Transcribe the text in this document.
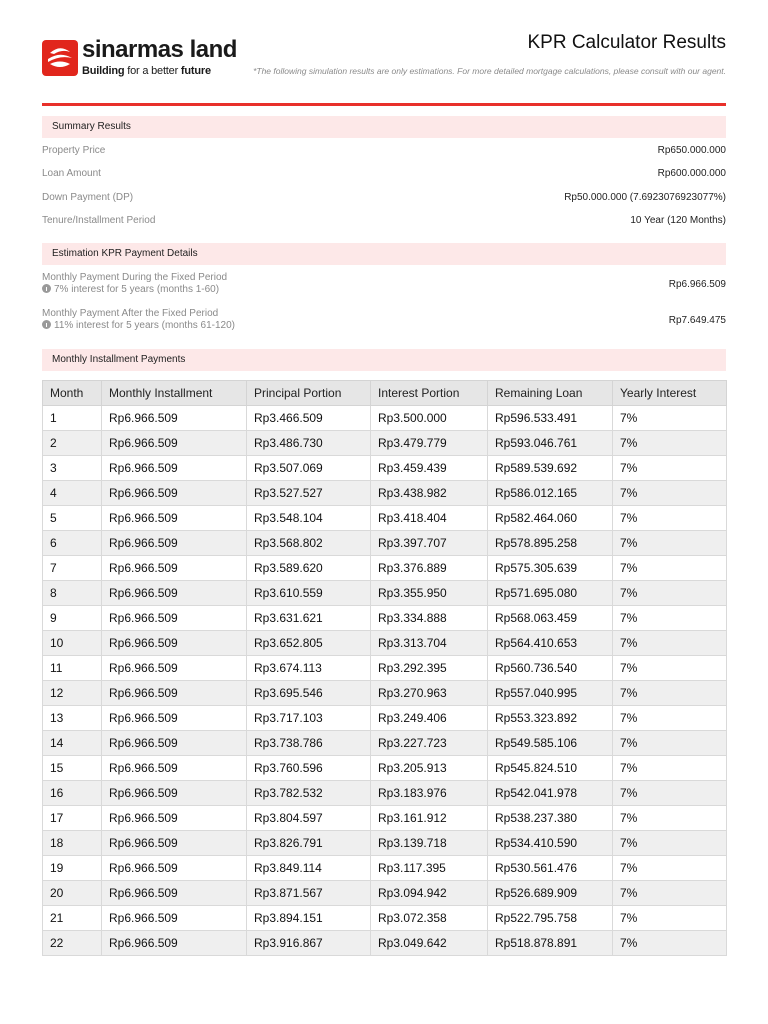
sinarmas land
Building for a better future
KPR Calculator Results
*The following simulation results are only estimations. For more detailed mortgage calculations, please consult with our agent.
Summary Results
Property Price	Rp650.000.000
Loan Amount	Rp600.000.000
Down Payment (DP)	Rp50.000.000 (7.6923076923077%)
Tenure/Installment Period	10 Year (120 Months)
Estimation KPR Payment Details
Monthly Payment During the Fixed Period
7% interest for 5 years (months 1-60)	Rp6.966.509
Monthly Payment After the Fixed Period
11% interest for 5 years (months 61-120)	Rp7.649.475
Monthly Installment Payments
Month	Monthly Installment	Principal Portion	Interest Portion	Remaining Loan	Yearly Interest
1	Rp6.966.509	Rp3.466.509	Rp3.500.000	Rp596.533.491	7%
2	Rp6.966.509	Rp3.486.730	Rp3.479.779	Rp593.046.761	7%
3	Rp6.966.509	Rp3.507.069	Rp3.459.439	Rp589.539.692	7%
4	Rp6.966.509	Rp3.527.527	Rp3.438.982	Rp586.012.165	7%
5	Rp6.966.509	Rp3.548.104	Rp3.418.404	Rp582.464.060	7%
6	Rp6.966.509	Rp3.568.802	Rp3.397.707	Rp578.895.258	7%
7	Rp6.966.509	Rp3.589.620	Rp3.376.889	Rp575.305.639	7%
8	Rp6.966.509	Rp3.610.559	Rp3.355.950	Rp571.695.080	7%
9	Rp6.966.509	Rp3.631.621	Rp3.334.888	Rp568.063.459	7%
10	Rp6.966.509	Rp3.652.805	Rp3.313.704	Rp564.410.653	7%
11	Rp6.966.509	Rp3.674.113	Rp3.292.395	Rp560.736.540	7%
12	Rp6.966.509	Rp3.695.546	Rp3.270.963	Rp557.040.995	7%
13	Rp6.966.509	Rp3.717.103	Rp3.249.406	Rp553.323.892	7%
14	Rp6.966.509	Rp3.738.786	Rp3.227.723	Rp549.585.106	7%
15	Rp6.966.509	Rp3.760.596	Rp3.205.913	Rp545.824.510	7%
16	Rp6.966.509	Rp3.782.532	Rp3.183.976	Rp542.041.978	7%
17	Rp6.966.509	Rp3.804.597	Rp3.161.912	Rp538.237.380	7%
18	Rp6.966.509	Rp3.826.791	Rp3.139.718	Rp534.410.590	7%
19	Rp6.966.509	Rp3.849.114	Rp3.117.395	Rp530.561.476	7%
20	Rp6.966.509	Rp3.871.567	Rp3.094.942	Rp526.689.909	7%
21	Rp6.966.509	Rp3.894.151	Rp3.072.358	Rp522.795.758	7%
22	Rp6.966.509	Rp3.916.867	Rp3.049.642	Rp518.878.891	7%
